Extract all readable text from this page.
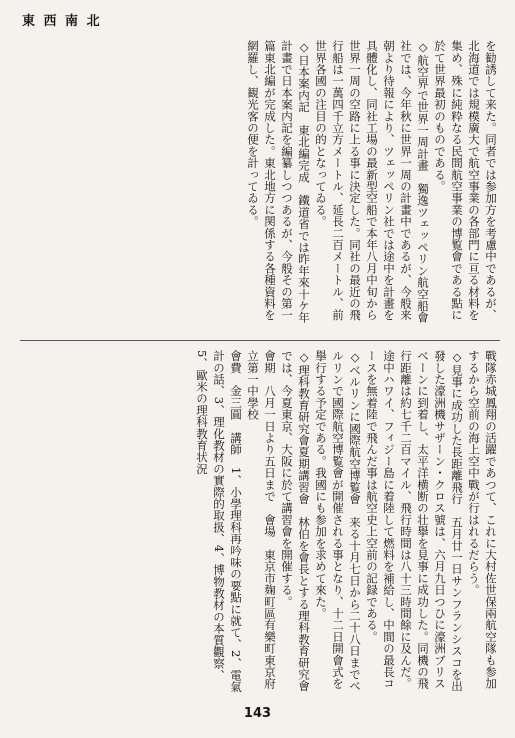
東 西 南 北
を勧誘して来た。同者では参加方を考慮中であるが、北海道では規模廣大で航空事業の各部門に亘る材料を集め、殊に純粋なる民間航空事業の博覧會である點に於て世界最初のものである。
◇航空界で世界一周計畫　獨逸ツェッペリン航空船會社では、今年秋に世界一周の計畫中であるが、今般来朝より待報により、ツェッペリン社では途中を計畫を具體化し、同社工場の最新型空船で本年八月中旬から世界一周の空路に上る事に決定した。同社の最近の飛行船は一萬四千立方メートル、延長二百メートル、前世界各國の注目の的となってゐる。
◇日本案内記　東北編完成　鐵道省では昨年來十ケ年計畫で日本案内記を編纂しつつあるが、今般その第一篇東北編が完成した。東北地方に関係する各種資料を網羅し、観光客の便を計ってゐる。
戰隊赤城鳳翔の活躍であつて、これに大村佐世保兩航空隊も参加するから空前の海上空中戰が行はれるだらう。
◇見事に成功した長距離飛行　五月廿一日サンフランシスコを出發した濠洲機サザーン・クロス號は、六月九日つひに濠洲ブリスベーンに到着し、太平洋横断の壮擧を見事に成功した。同機の飛行距離は約七千二百マイル、飛行時間は八十三時間餘に及んだ。途中ハワイ、フィジー島に着陸して燃料を補給し、中間の最長コースを無着陸で飛んだ事は航空史上空前の記録である。
◇ベルリンに國際航空博覧會　来る十月七日から二十八日までベルリンで國際航空博覧會が開催される事となり、十二日開會式を擧行する予定である。我國にも参加を求めて來た。
◇理科教育研究會夏期講習會　林伯を會長とする理科教育研究會では、今夏東京、大阪に於て講習會を開催する。
會期　八月一日より五日まで　會場　東京市麹町區有樂町東京府立第一中學校
會費　金三圓　講師　1、小學理科再吟味の要點に就て、2、電氣計の話、3、理化教材の實際的取扱、4、博物教材の本質觀察、5、歐米の理科教育状況
143
